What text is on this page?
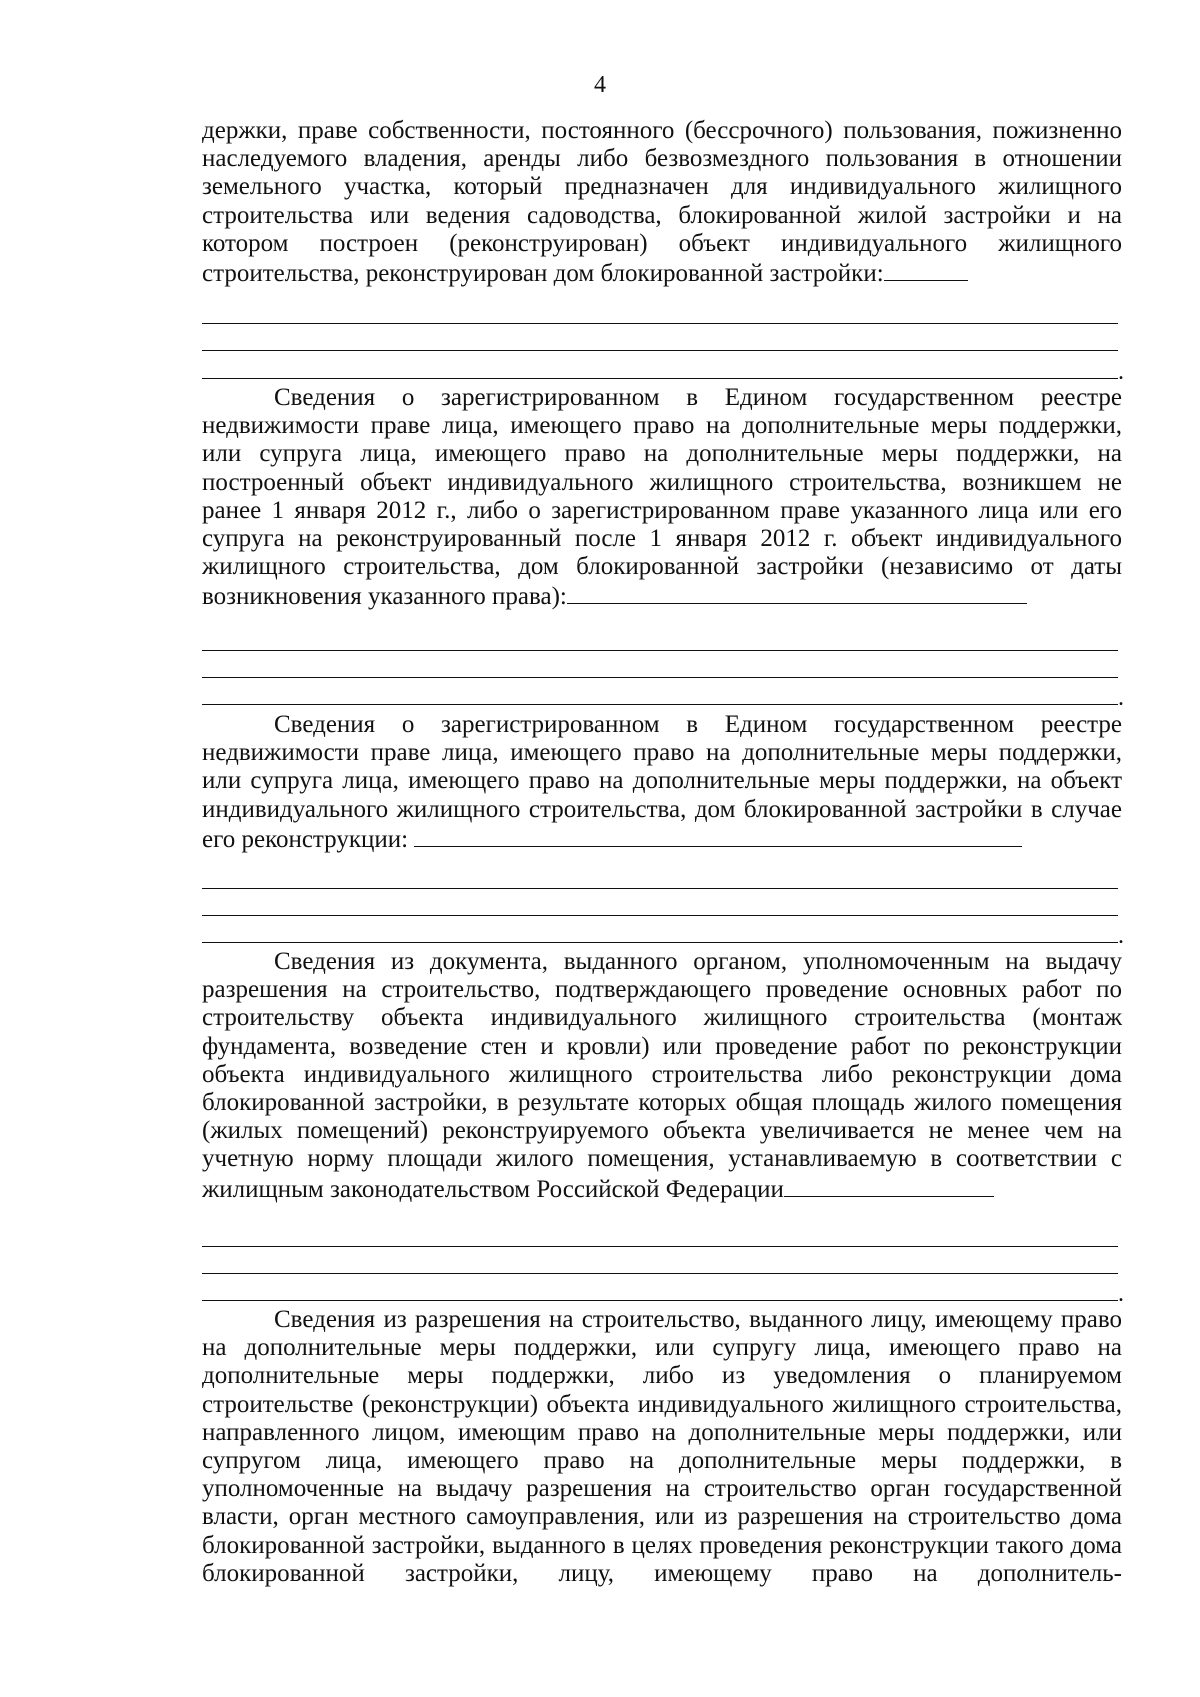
4

держки, праве собственности, постоянного (бессрочного) пользования, пожизненно наследуемого владения, аренды либо безвозмездного пользования в отношении земельного участка, который предназначен для индивидуального жилищного строительства или ведения садоводства, блокированной жилой застройки и на котором построен (реконструирован) объект индивидуального жилищного строительства, реконструирован дом блокированной застройки:

.

Сведения о зарегистрированном в Едином государственном реестре недвижимости праве лица, имеющего право на дополнительные меры поддержки, или супруга лица, имеющего право на дополнительные меры поддержки, на построенный объект индивидуального жилищного строительства, возникшем не ранее 1 января 2012 г., либо о зарегистрированном праве указанного лица или его супруга на реконструированный после 1 января 2012 г. объект индивидуального жилищного строительства, дом блокированной застройки (независимо от даты возникновения указанного права):

.

Сведения о зарегистрированном в Едином государственном реестре недвижимости праве лица, имеющего право на дополнительные меры поддержки, или супруга лица, имеющего право на дополнительные меры поддержки, на объект индивидуального жилищного строительства, дом блокированной застройки в случае его реконструкции:

.

Сведения из документа, выданного органом, уполномоченным на выдачу разрешения на строительство, подтверждающего проведение основных работ по строительству объекта индивидуального жилищного строительства (монтаж фундамента, возведение стен и кровли) или проведение работ по реконструкции объекта индивидуального жилищного строительства либо реконструкции дома блокированной застройки, в результате которых общая площадь жилого помещения (жилых помещений) реконструируемого объекта увеличивается не менее чем на учетную норму площади жилого помещения, устанавливаемую в соответствии с жилищным законодательством Российской Федерации

.

Сведения из разрешения на строительство, выданного лицу, имеющему право на дополнительные меры поддержки, или супругу лица, имеющего право на дополнительные меры поддержки, либо из уведомления о планируемом строительстве (реконструкции) объекта индивидуального жилищного строительства, направленного лицом, имеющим право на дополнительные меры поддержки, или супругом лица, имеющего право на дополнительные меры поддержки, в уполномоченные на выдачу разрешения на строительство орган государственной власти, орган местного самоуправления, или из разрешения на строительство дома блокированной застройки, выданного в целях проведения реконструкции такого дома блокированной застройки, лицу, имеющему право на дополнитель-
